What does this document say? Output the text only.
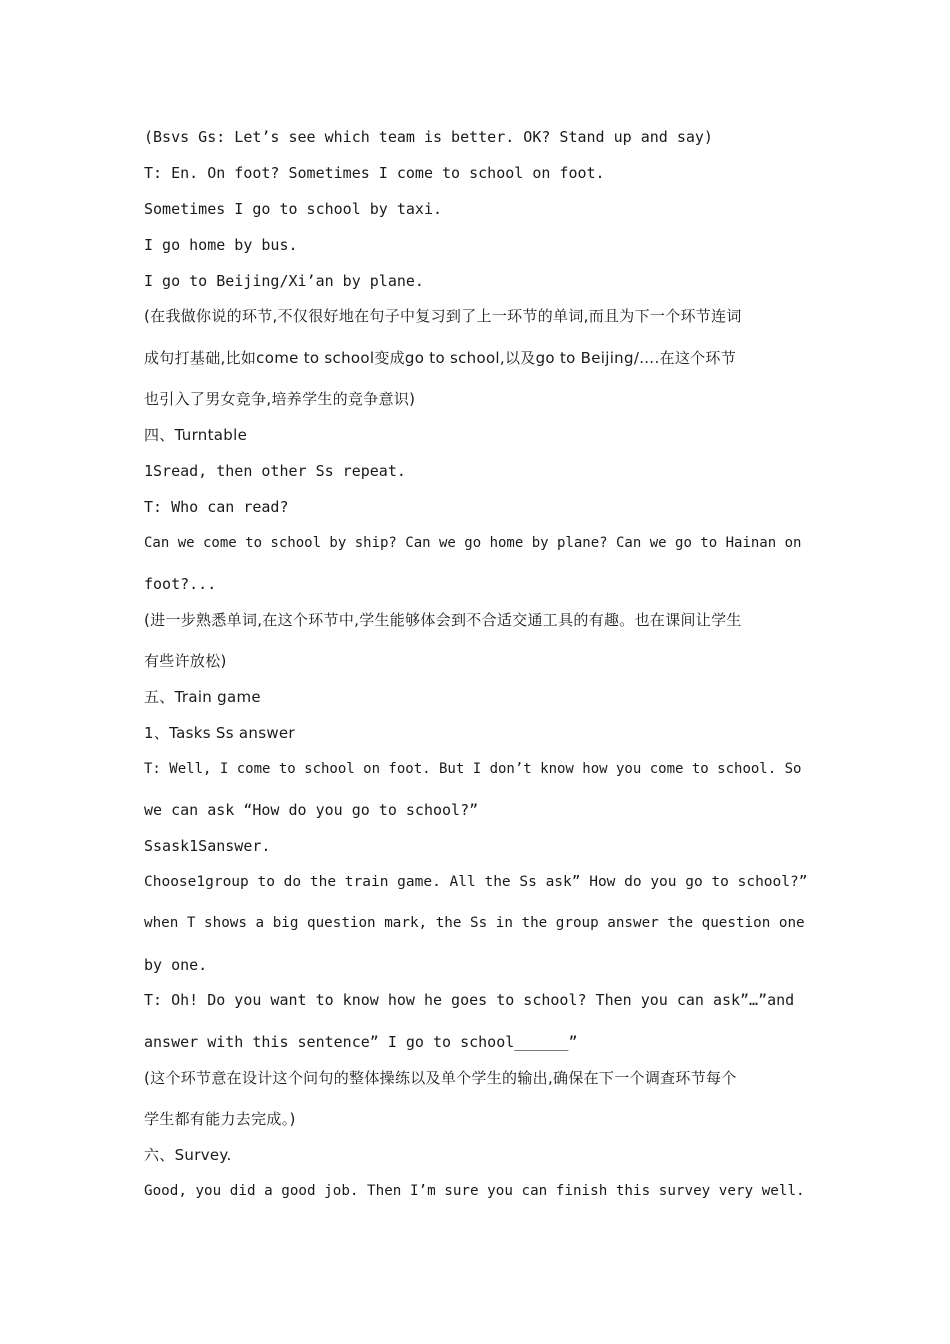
(Bsvs Gs: Let’s see which team is better. OK? Stand up and say)
T: En. On foot? Sometimes I come to school on foot.
Sometimes I go to school by taxi.
I go home by bus.
I go to Beijing/Xi’an by plane.
(在我做你说的环节,不仅很好地在句子中复习到了上一环节的单词,而且为下一个环节连词
成句打基础,比如come to school变成go to school,以及go to Beijing/….在这个环节
也引入了男女竞争,培养学生的竞争意识)
四、Turntable
1Sread, then other Ss repeat.
T: Who can read?
Can we come to school by ship? Can we go home by plane? Can we go to Hainan on
foot?...
(进一步熟悉单词,在这个环节中,学生能够体会到不合适交通工具的有趣。也在课间让学生
有些许放松)
五、Train game
1、Tasks Ss answer
T: Well, I come to school on foot. But I don’t know how you come to school. So
we can ask “How do you go to school?”
Ssask1Sanswer.
Choose1group to do the train game. All the Ss ask” How do you go to school?”
when T shows a big question mark, the Ss in the group answer the question one
by one.
T: Oh! Do you want to know how he goes to school? Then you can ask”…”and
answer with this sentence” I go to school______”
(这个环节意在设计这个问句的整体操练以及单个学生的输出,确保在下一个调查环节每个
学生都有能力去完成。)
六、Survey.
Good, you did a good job. Then I’m sure you can finish this survey very well.
